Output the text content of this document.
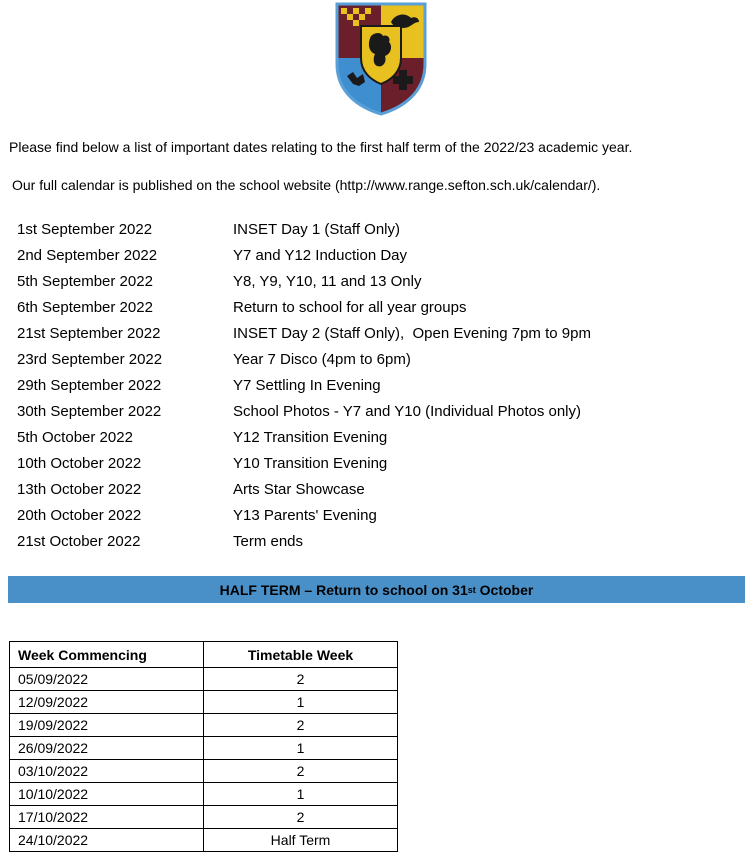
Please find below a list of important dates relating to the first half term of the 2022/23 academic year.
Our full calendar is published on the school website (http://www.range.sefton.sch.uk/calendar/).
1st September 2022	INSET Day 1 (Staff Only)
2nd September 2022	Y7 and Y12 Induction Day
5th September 2022	Y8, Y9, Y10, 11 and 13 Only
6th September 2022	Return to school for all year groups
21st September 2022	INSET Day 2 (Staff Only),  Open Evening 7pm to 9pm
23rd September 2022	Year 7 Disco (4pm to 6pm)
29th September 2022	Y7 Settling In Evening
30th September 2022	School Photos - Y7 and Y10 (Individual Photos only)
5th October 2022	Y12 Transition Evening
10th October 2022	Y10 Transition Evening
13th October 2022	Arts Star Showcase
20th October 2022	Y13 Parents' Evening
21st October 2022	Term ends
HALF TERM – Return to school on 31 st October
Week Commencing	Timetable Week
05/09/2022	2
12/09/2022	1
19/09/2022	2
26/09/2022	1
03/10/2022	2
10/10/2022	1
17/10/2022	2
24/10/2022	Half Term
